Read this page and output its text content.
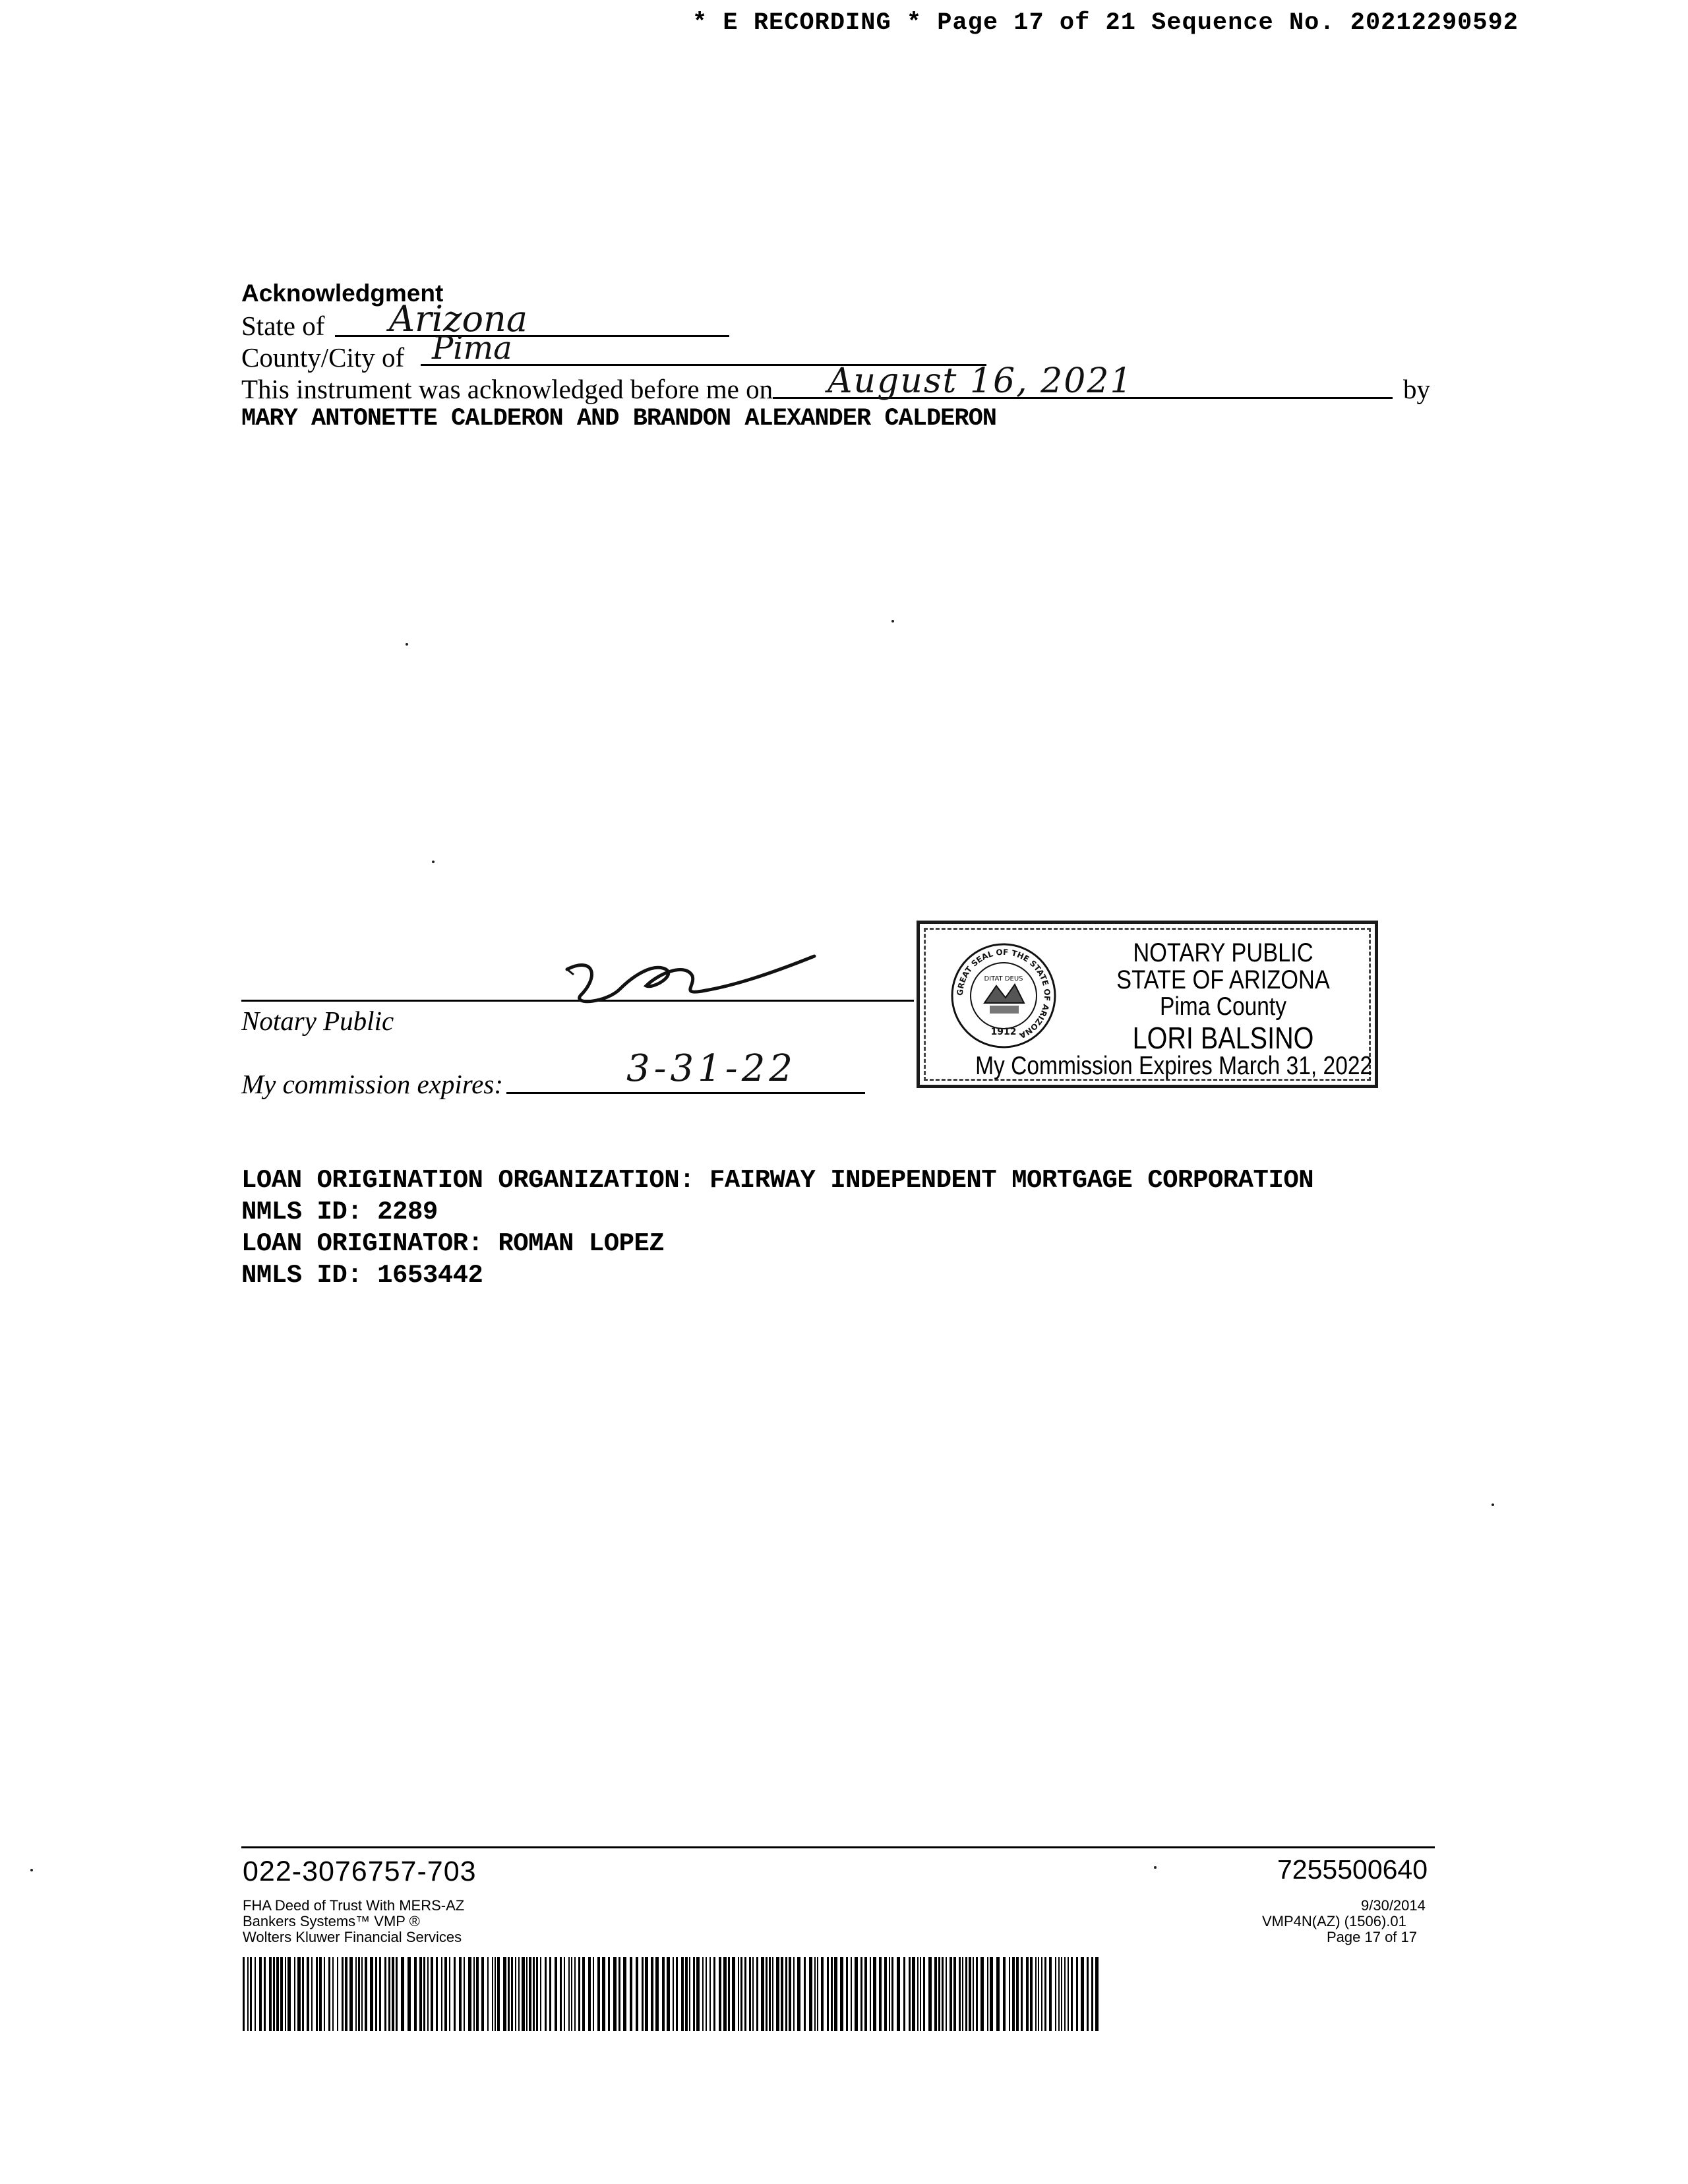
* E RECORDING * Page 17 of 21 Sequence No. 20212290592
Acknowledgment
State of Arizona
County/City of Pima
This instrument was acknowledged before me on August 16, 2021	by
MARY ANTONETTE CALDERON AND BRANDON ALEXANDER CALDERON
Notary Public
My commission expires:	3-31-22
GREAT SEAL OF THE STATE OF ARIZONA
DITAT DEUS
1912
NOTARY PUBLIC
STATE OF ARIZONA
Pima County
LORI BALSINO
My Commission Expires March 31, 2022
LOAN ORIGINATION ORGANIZATION: FAIRWAY INDEPENDENT MORTGAGE CORPORATION
NMLS ID: 2289
LOAN ORIGINATOR: ROMAN LOPEZ
NMLS ID: 1653442
022-3076757-703	7255500640
FHA Deed of Trust With MERS-AZ
Bankers Systems™ VMP ®
Wolters Kluwer Financial Services
9/30/2014
VMP4N(AZ) (1506).01
Page 17 of 17
